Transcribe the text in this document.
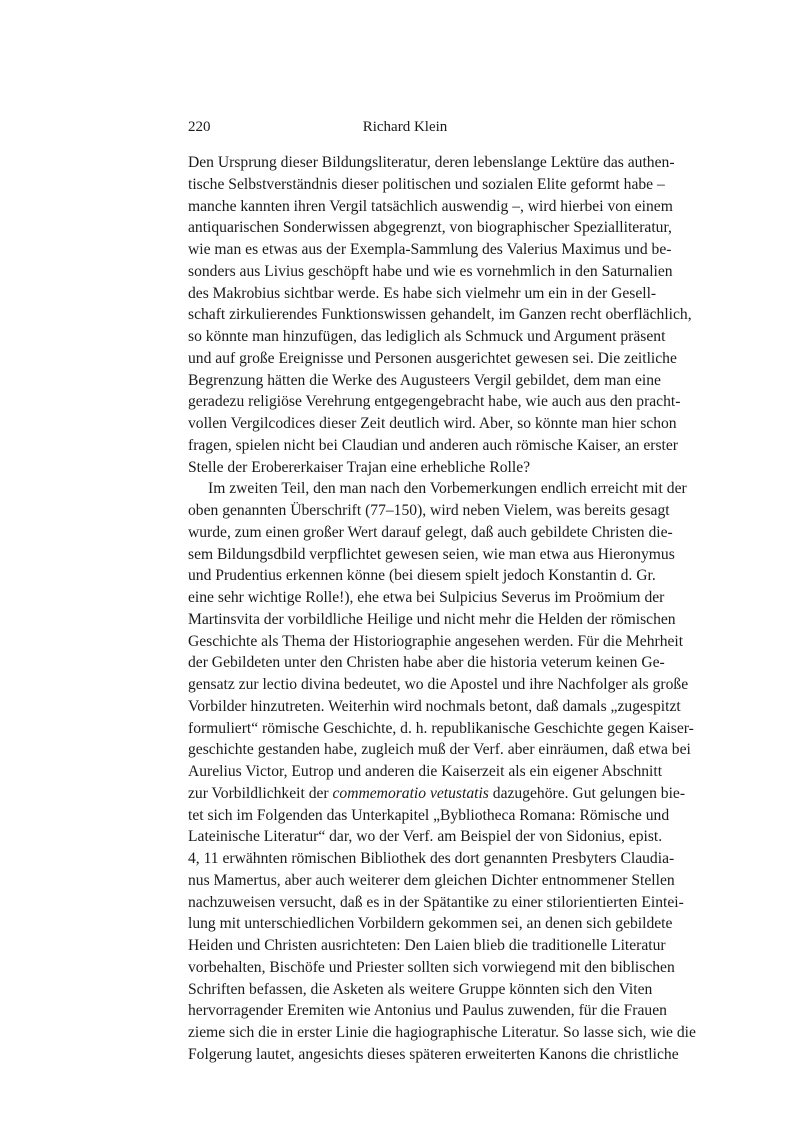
220	Richard Klein
Den Ursprung dieser Bildungsliteratur, deren lebenslange Lektüre das authen-
tische Selbstverständnis dieser politischen und sozialen Elite geformt habe –
manche kannten ihren Vergil tatsächlich auswendig –, wird hierbei von einem
antiquarischen Sonderwissen abgegrenzt, von biographischer Spezialliteratur,
wie man es etwas aus der Exempla-Sammlung des Valerius Maximus und be-
sonders aus Livius geschöpft habe und wie es vornehmlich in den Saturnalien
des Makrobius sichtbar werde. Es habe sich vielmehr um ein in der Gesell-
schaft zirkulierendes Funktionswissen gehandelt, im Ganzen recht oberflächlich,
so könnte man hinzufügen, das lediglich als Schmuck und Argument präsent
und auf große Ereignisse und Personen ausgerichtet gewesen sei. Die zeitliche
Begrenzung hätten die Werke des Augusteers Vergil gebildet, dem man eine
geradezu religiöse Verehrung entgegengebracht habe, wie auch aus den pracht-
vollen Vergilcodices dieser Zeit deutlich wird. Aber, so könnte man hier schon
fragen, spielen nicht bei Claudian und anderen auch römische Kaiser, an erster
Stelle der Erobererkaiser Trajan eine erhebliche Rolle?
Im zweiten Teil, den man nach den Vorbemerkungen endlich erreicht mit der
oben genannten Überschrift (77–150), wird neben Vielem, was bereits gesagt
wurde, zum einen großer Wert darauf gelegt, daß auch gebildete Christen die-
sem Bildungsdbild verpflichtet gewesen seien, wie man etwa aus Hieronymus
und Prudentius erkennen könne (bei diesem spielt jedoch Konstantin d. Gr.
eine sehr wichtige Rolle!), ehe etwa bei Sulpicius Severus im Proömium der
Martinsvita der vorbildliche Heilige und nicht mehr die Helden der römischen
Geschichte als Thema der Historiographie angesehen werden. Für die Mehrheit
der Gebildeten unter den Christen habe aber die historia veterum keinen Ge-
gensatz zur lectio divina bedeutet, wo die Apostel und ihre Nachfolger als große
Vorbilder hinzutreten. Weiterhin wird nochmals betont, daß damals „zugespitzt
formuliert“ römische Geschichte, d. h. republikanische Geschichte gegen Kaiser-
geschichte gestanden habe, zugleich muß der Verf. aber einräumen, daß etwa bei
Aurelius Victor, Eutrop und anderen die Kaiserzeit als ein eigener Abschnitt
zur Vorbildlichkeit der commemoratio vetustatis dazugehöre. Gut gelungen bie-
tet sich im Folgenden das Unterkapitel „Bybliotheca Romana: Römische und
Lateinische Literatur“ dar, wo der Verf. am Beispiel der von Sidonius, epist.
4, 11 erwähnten römischen Bibliothek des dort genannten Presbyters Claudia-
nus Mamertus, aber auch weiterer dem gleichen Dichter entnommener Stellen
nachzuweisen versucht, daß es in der Spätantike zu einer stilorientierten Eintei-
lung mit unterschiedlichen Vorbildern gekommen sei, an denen sich gebildete
Heiden und Christen ausrichteten: Den Laien blieb die traditionelle Literatur
vorbehalten, Bischöfe und Priester sollten sich vorwiegend mit den biblischen
Schriften befassen, die Asketen als weitere Gruppe könnten sich den Viten
hervorragender Eremiten wie Antonius und Paulus zuwenden, für die Frauen
zieme sich die in erster Linie die hagiographische Literatur. So lasse sich, wie die
Folgerung lautet, angesichts dieses späteren erweiterten Kanons die christliche
